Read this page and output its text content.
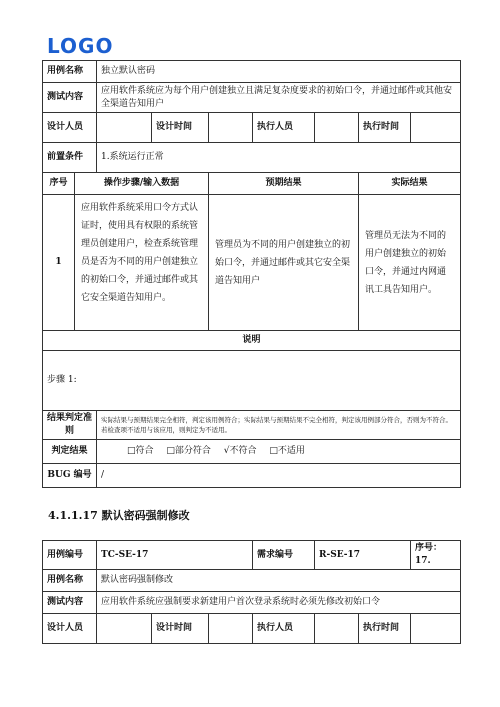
LOGO
用例名称		独立默认密码						
测试内容		应用软件系统应为每个用户创建独立且满足复杂度要求的初始口令，并通过邮件或其他安全渠道告知用户						
设计人员			设计时间		执行人员		执行时间	
前置条件		1.系统运行正常						
序号	操作步骤/输入数据			预期结果			实际结果	
1	应用软件系统采用口令方式认证时，使用具有权限的系统管理员创建用户，检查系统管理员是否为不同的用户创建独立的初始口令，并通过邮件或其它安全渠道告知用户。			管理员为不同的用户创建独立的初始口令，并通过邮件或其它安全渠道告知用户			管理员无法为不同的用户创建独立的初始口令，并通过内网通讯工具告知用户。	
说明								
步骤 1:								
结果判定准则		实际结果与预期结果完全相符，判定该用例符合；实际结果与预期结果不完全相符，判定该用例部分符合，否则为不符合。若检查项不适用与该应用，则判定为不适用。						
判定结果		□符合 □部分符合 √不符合 □不适用						
BUG 编号		/						
4.1.1.17 默认密码强制修改
用例编号	TC-SE-17			需求编号	R-SE-17		序号：17.
用例名称	默认密码强制修改						
测试内容	应用软件系统应强制要求新建用户首次登录系统时必须先修改初始口令						
设计人员		设计时间		执行人员		执行时间	
